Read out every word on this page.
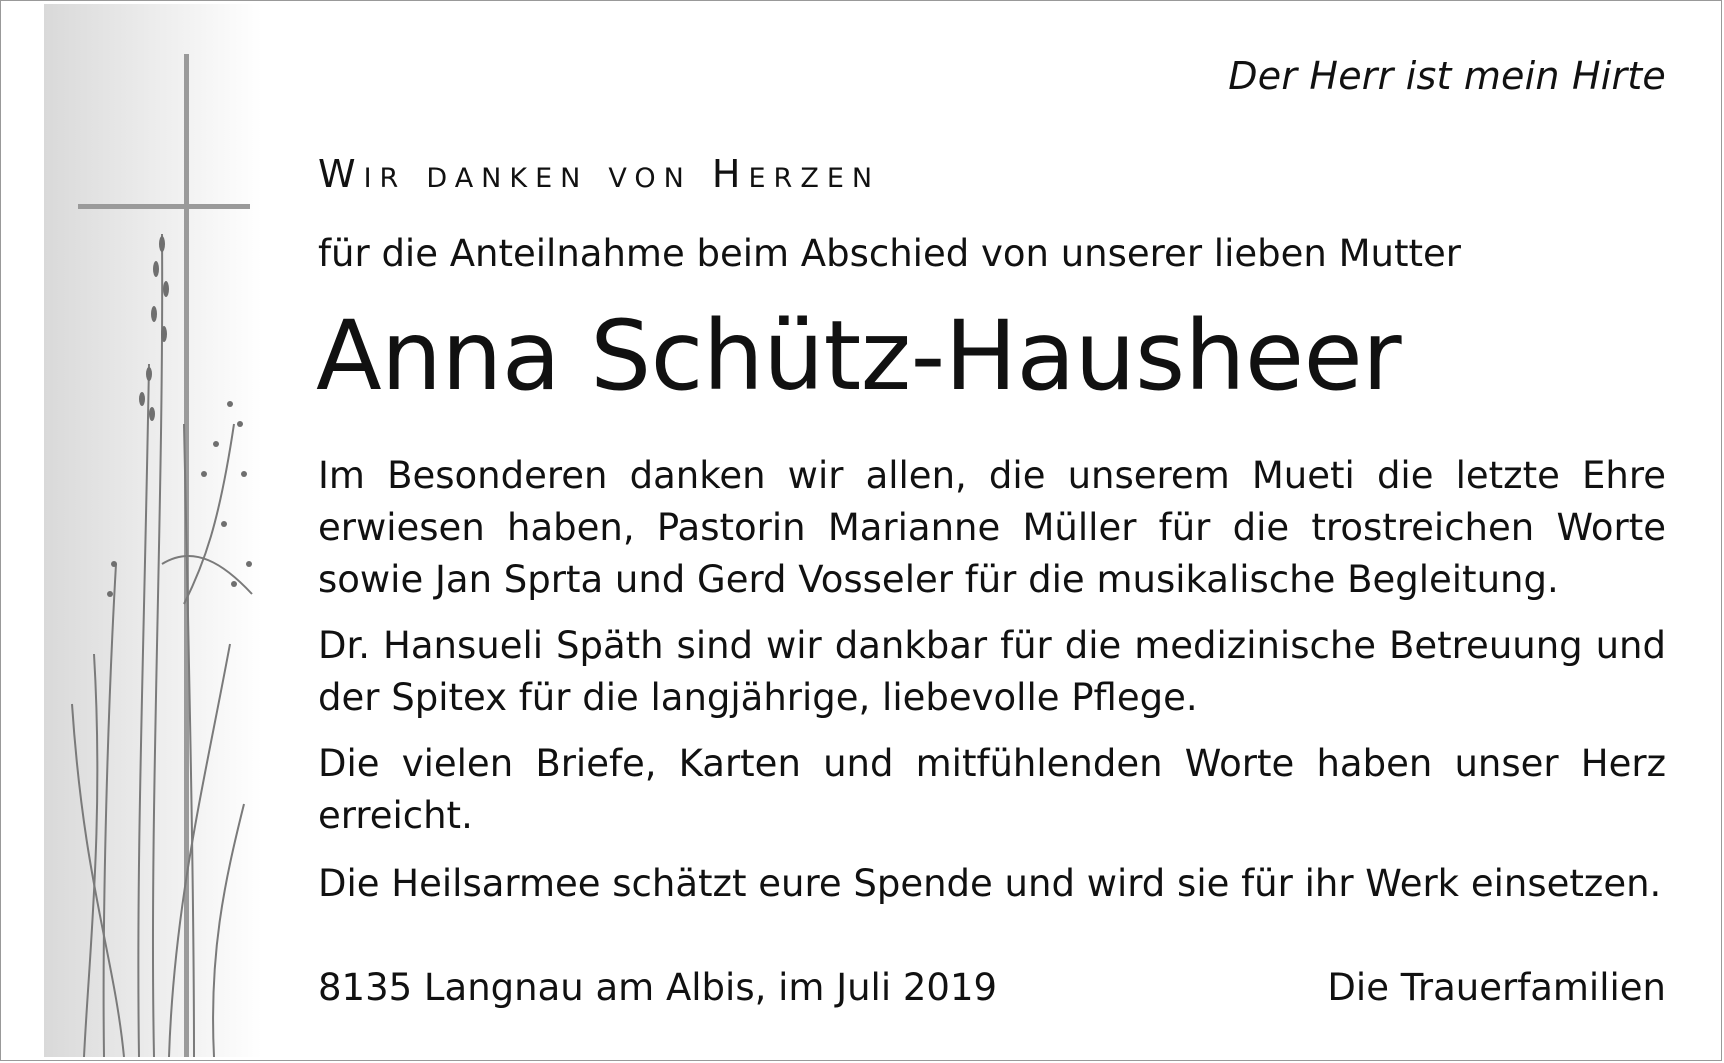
Der Herr ist mein Hirte
Wir danken von Herzen
für die Anteilnahme beim Abschied von unserer lieben Mutter
Anna Schütz-Hausheer
Im Besonderen danken wir allen, die unserem Mueti die letzte Ehre erwiesen haben, Pastorin Marianne Müller für die trostreichen Worte sowie Jan Sprta und Gerd Vosseler für die musikalische Begleitung.
Dr. Hansueli Späth sind wir dankbar für die medizinische Betreuung und der Spitex für die langjährige, liebevolle Pflege.
Die vielen Briefe, Karten und mitfühlenden Worte haben unser Herz erreicht.
Die Heilsarmee schätzt eure Spende und wird sie für ihr Werk einsetzen.
8135 Langnau am Albis, im Juli 2019	Die Trauerfamilien
